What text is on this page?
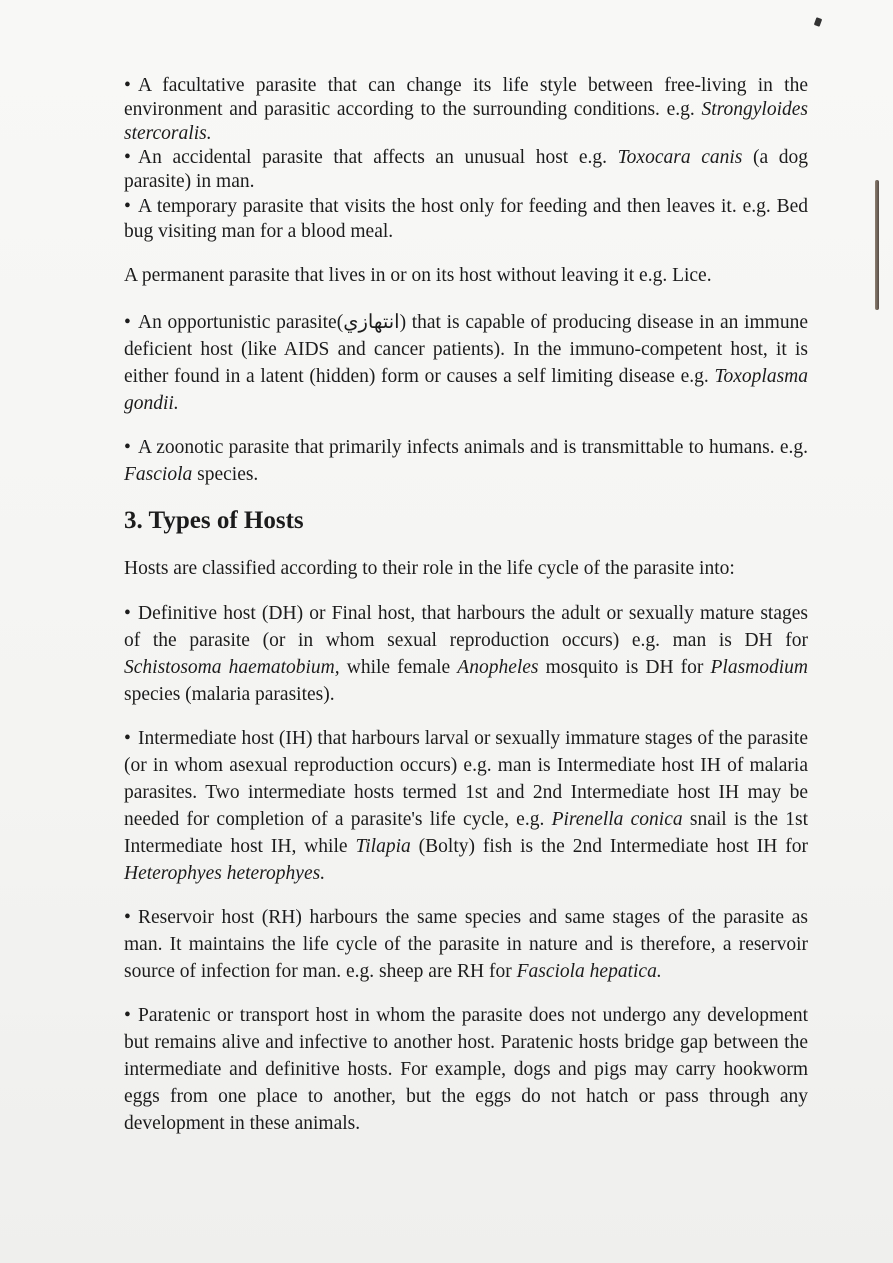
• A facultative parasite that can change its life style between free-living in the environment and parasitic according to the surrounding conditions. e.g. Strongyloides stercoralis.

• An accidental parasite that affects an unusual host e.g. Toxocara canis (a dog parasite) in man.

• A temporary parasite that visits the host only for feeding and then leaves it. e.g. Bed bug visiting man for a blood meal.

A permanent parasite that lives in or on its host without leaving it e.g. Lice.

• An opportunistic parasite(انتهازي) that is capable of producing disease in an immune deficient host (like AIDS and cancer patients). In the immuno-competent host, it is either found in a latent (hidden) form or causes a self limiting disease e.g. Toxoplasma gondii.

• A zoonotic parasite that primarily infects animals and is transmittable to humans. e.g. Fasciola species.

3. Types of Hosts

Hosts are classified according to their role in the life cycle of the parasite into:

• Definitive host (DH) or Final host, that harbours the adult or sexually mature stages of the parasite (or in whom sexual reproduction occurs) e.g. man is DH for Schistosoma haematobium, while female Anopheles mosquito is DH for Plasmodium species (malaria parasites).

• Intermediate host (IH) that harbours larval or sexually immature stages of the parasite (or in whom asexual reproduction occurs) e.g. man is Intermediate host IH of malaria parasites. Two intermediate hosts termed 1st and 2nd Intermediate host IH may be needed for completion of a parasite's life cycle, e.g. Pirenella conica snail is the 1st Intermediate host IH, while Tilapia (Bolty) fish is the 2nd Intermediate host IH for Heterophyes heterophyes.

• Reservoir host (RH) harbours the same species and same stages of the parasite as man. It maintains the life cycle of the parasite in nature and is therefore, a reservoir source of infection for man. e.g. sheep are RH for Fasciola hepatica.

• Paratenic or transport host in whom the parasite does not undergo any development but remains alive and infective to another host. Paratenic hosts bridge gap between the intermediate and definitive hosts. For example, dogs and pigs may carry hookworm eggs from one place to another, but the eggs do not hatch or pass through any development in these animals.
